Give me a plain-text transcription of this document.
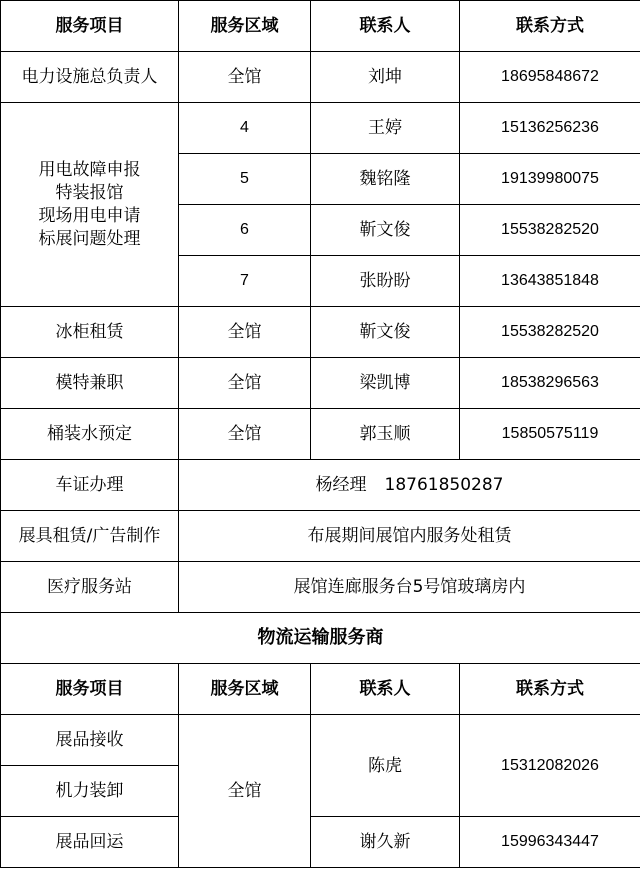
服务项目	服务区域	联系人	联系方式
电力设施总负责人	全馆	刘坤	18695848672

用电故障申报
特装报馆
现场用电申请
标展问题处理	4	王婷	15136256236
	5	魏铭隆	19139980075
	6	靳文俊	15538282520
	7	张盼盼	13643851848
冰柜租赁	全馆	靳文俊	15538282520
模特兼职	全馆	梁凯博	18538296563
桶装水预定	全馆	郭玉顺	15850575119
车证办理	杨经理 18761850287		
展具租赁/广告制作	布展期间展馆内服务处租赁		
医疗服务站	展馆连廊服务台5号馆玻璃房内		
物流运输服务商			
服务项目	服务区域	联系人	联系方式
展品接收	全馆	陈虎	15312082026
机力装卸			
展品回运		谢久新	15996343447
